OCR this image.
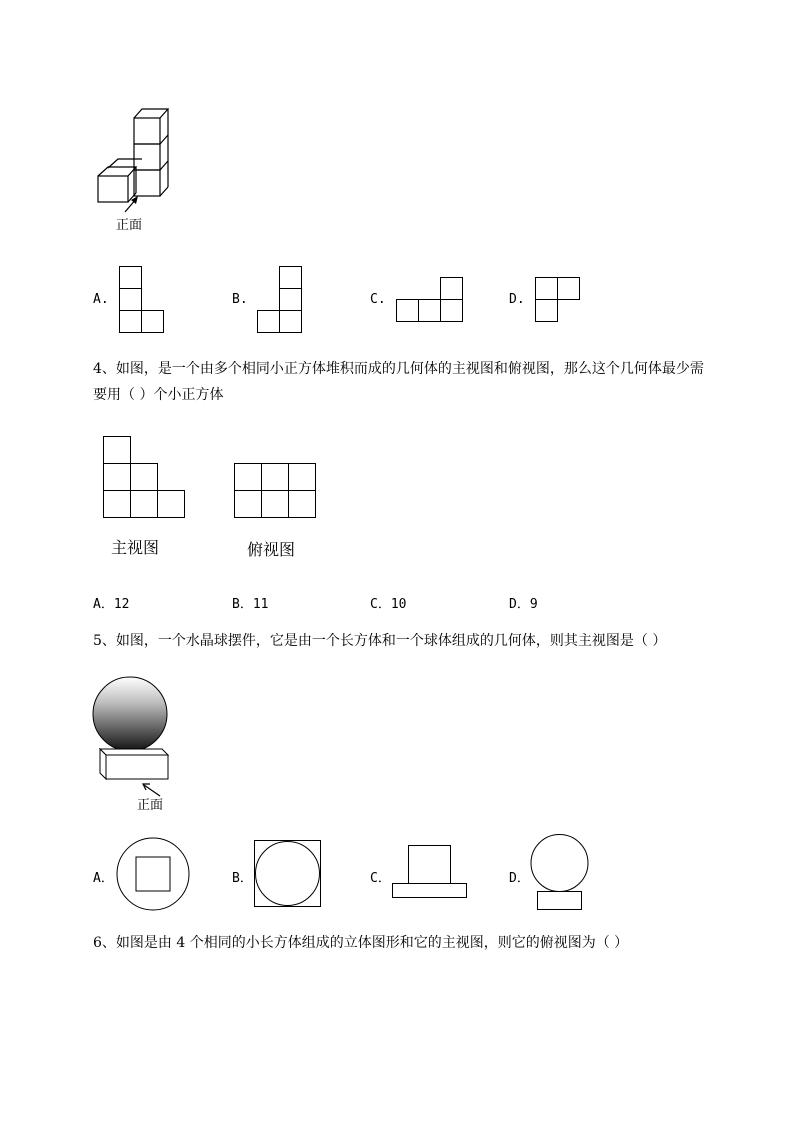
正面
A.	B.	C.	D.
4、如图，是一个由多个相同小正方体堆积而成的几何体的主视图和俯视图，那么这个几何体最少需
要用（ ）个小正方体
主视图	俯视图
A．12	B．11	C．10	D．9
5、如图，一个水晶球摆件，它是由一个长方体和一个球体组成的几何体，则其主视图是（ ）
正面
A．	B．	C．	D．
6、如图是由 4 个相同的小长方体组成的立体图形和它的主视图，则它的俯视图为（ ）
